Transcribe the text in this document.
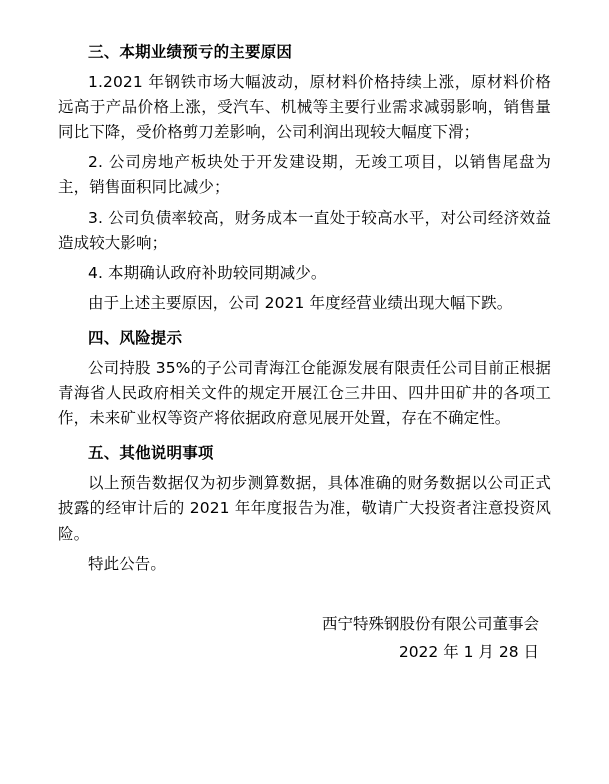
三、本期业绩预亏的主要原因

1.2021 年钢铁市场大幅波动，原材料价格持续上涨，原材料价格远高于产品价格上涨，受汽车、机械等主要行业需求减弱影响，销售量同比下降，受价格剪刀差影响，公司利润出现较大幅度下滑；

2. 公司房地产板块处于开发建设期，无竣工项目，以销售尾盘为主，销售面积同比减少；

3. 公司负债率较高，财务成本一直处于较高水平，对公司经济效益造成较大影响；

4. 本期确认政府补助较同期减少。

由于上述主要原因，公司 2021 年度经营业绩出现大幅下跌。

四、风险提示

公司持股 35%的子公司青海江仓能源发展有限责任公司目前正根据青海省人民政府相关文件的规定开展江仓三井田、四井田矿井的各项工作，未来矿业权等资产将依据政府意见展开处置，存在不确定性。

五、其他说明事项

以上预告数据仅为初步测算数据，具体准确的财务数据以公司正式披露的经审计后的 2021 年年度报告为准，敬请广大投资者注意投资风险。

特此公告。

西宁特殊钢股份有限公司董事会
2022 年 1 月 28 日
